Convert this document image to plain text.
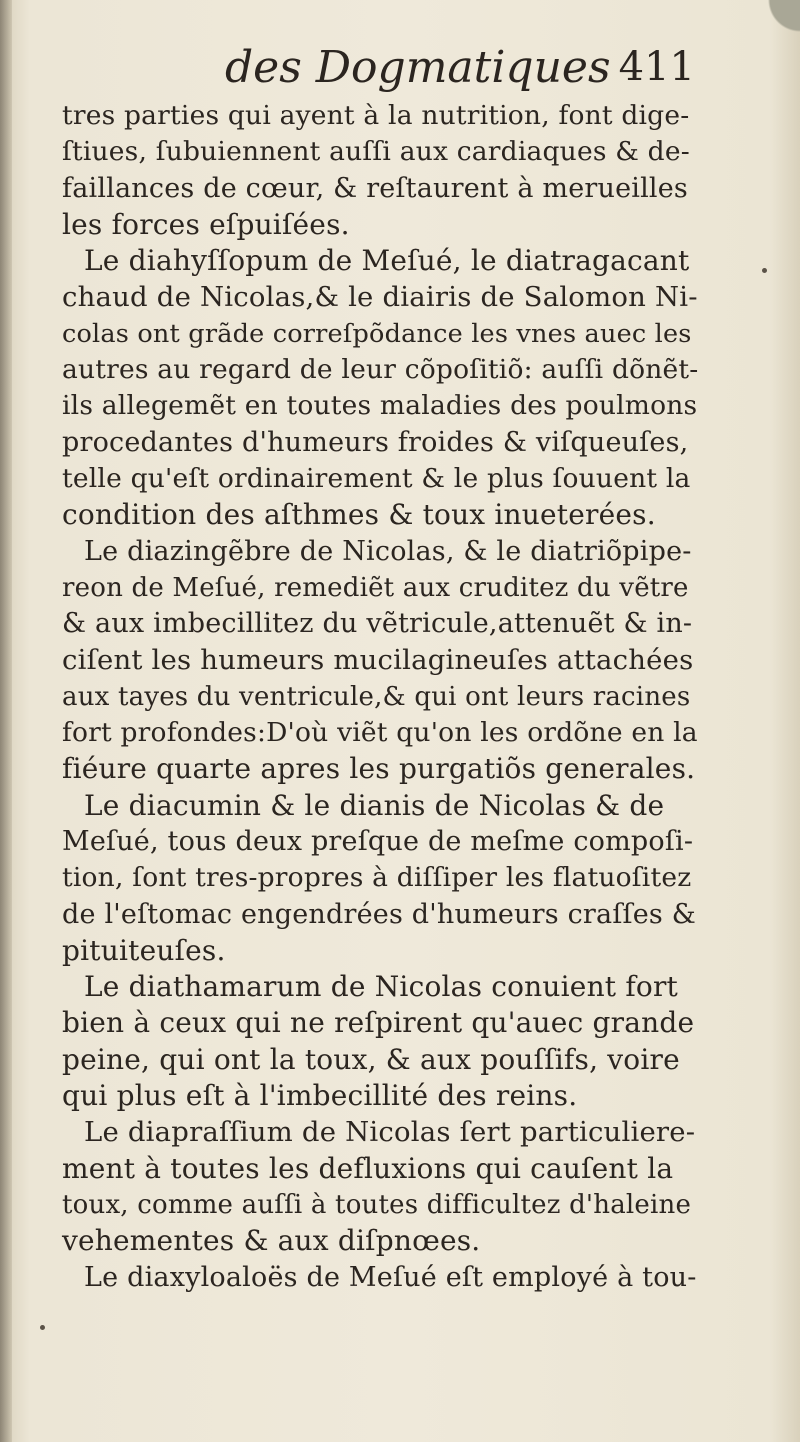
des Dogmatiques 411
tres parties qui ayent à la nutrition, font dige-
ſtiues, ſubuiennent auſſi aux cardiaques & de-
faillances de cœur, & reſtaurent à merueilles
les forces eſpuiſées.
Le diahyſſopum de Meſué, le diatragacant
chaud de Nicolas,& le diairis de Salomon Ni-
colas ont grãde correſpõdance les vnes auec les
autres au regard de leur cõpoſitiõ: auſſi dõnẽt-
ils allegemẽt en toutes maladies des poulmons
procedantes d'humeurs froides & viſqueuſes,
telle qu'eſt ordinairement & le plus ſouuent la
condition des aſthmes & toux inueterées.
Le diazingẽbre de Nicolas, & le diatriõpipe-
reon de Meſué, remediẽt aux cruditez du vẽtre
& aux imbecillitez du vẽtricule,attenuẽt & in-
ciſent les humeurs mucilagineuſes attachées
aux tayes du ventricule,& qui ont leurs racines
fort profondes:D'où viẽt qu'on les ordõne en la
fiéure quarte apres les purgatiõs generales.
Le diacumin & le dianis de Nicolas & de
Meſué, tous deux preſque de meſme compoſi-
tion, ſont tres-propres à diſſiper les flatuoſitez
de l'eſtomac engendrées d'humeurs craſſes &
pituiteuſes.
Le diathamarum de Nicolas conuient fort
bien à ceux qui ne reſpirent qu'auec grande
peine, qui ont la toux, & aux pouſſifs, voire
qui plus eſt à l'imbecillité des reins.
Le diapraſſium de Nicolas ſert particuliere-
ment à toutes les defluxions qui cauſent la
toux, comme auſſi à toutes difficultez d'haleine
vehementes & aux diſpnœes.
Le diaxyloaloës de Meſué eſt employé à tou-
